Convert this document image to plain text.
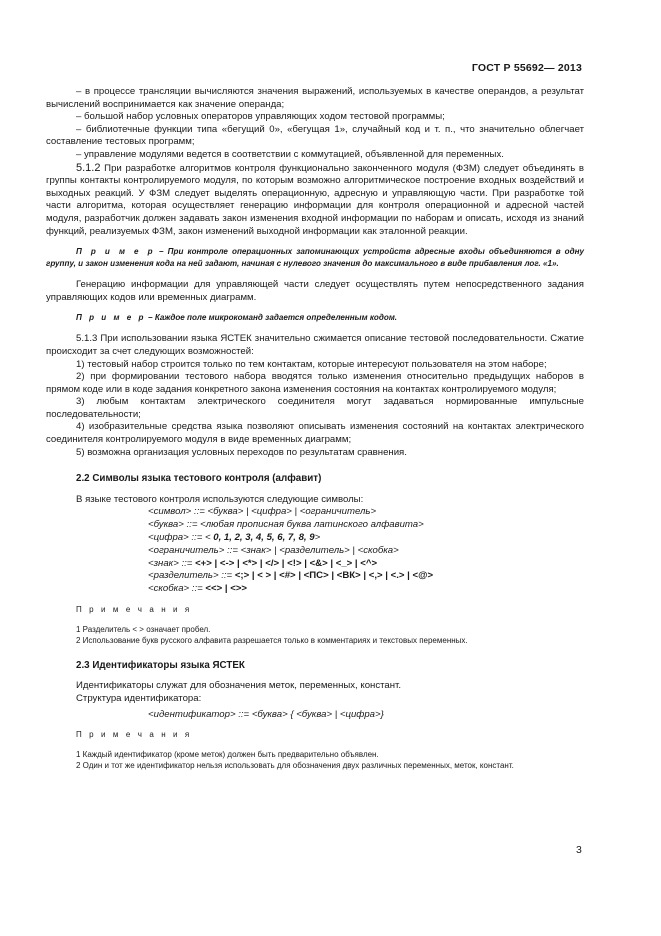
ГОСТ Р 55692— 2013

– в процессе трансляции вычисляются значения выражений, используемых в качестве операндов, а результат вычислений воспринимается как значение операнда;

– большой набор условных операторов управляющих ходом тестовой программы;

– библиотечные функции типа «бегущий 0», «бегущая 1», случайный код и т. п., что значительно облегчает составление тестовых программ;

– управление модулями ведется в соответствии с коммутацией, объявленной для переменных.

5.1.2 При разработке алгоритмов контроля функционально законченного модуля (ФЗМ) следует объединять в группы контакты контролируемого модуля, по которым возможно алгоритмическое построение входных воздействий и выходных реакций. У ФЗМ следует выделять операционную, адресную и управляющую части. При разработке той части алгоритма, которая осуществляет генерацию информации для контроля операционной и адресной частей модуля, разработчик должен задавать закон изменения входной информации по наборам и описать, исходя из знаний функций, реализуемых ФЗМ, закон изменений выходной информации как эталонной реакции.

П р и м е р – При контроле операционных запоминающих устройств адресные входы объединяются в одну группу, и закон изменения кода на ней задают, начиная с нулевого значения до максимального в виде прибавления лог. «1».

Генерацию информации для управляющей части следует осуществлять путем непосредственного задания управляющих кодов или временных диаграмм.

П р и м е р – Каждое поле микрокоманд задается определенным кодом.

5.1.3 При использовании языка ЯСТЕК значительно сжимается описание тестовой последовательности. Сжатие происходит за счет следующих возможностей:

1) тестовый набор строится только по тем контактам, которые интересуют пользователя на этом наборе;

2) при формировании тестового набора вводятся только изменения относительно предыдущих наборов в прямом коде или в коде задания конкретного закона изменения состояния на контактах контролируемого модуля;

3) любым контактам электрического соединителя могут задаваться нормированные импульсные последовательности;

4) изобразительные средства языка позволяют описывать изменения состояний на контактах электрического соединителя контролируемого модуля в виде временных диаграмм;

5) возможна организация условных переходов по результатам сравнения.

2.2 Символы языка тестового контроля (алфавит)

В языке тестового контроля используются следующие символы:

<символ> ::= <буква> | <цифра> | <ограничитель>
<буква> ::= <любая прописная буква латинского алфавита>
<цифра> ::= < 0, 1, 2, 3, 4, 5, 6, 7, 8, 9>
<ограничитель> ::= <знак> | <разделитель> | <скобка>
<знак> ::= <+> | <-> | <*> | </> | <!> | <&> | <_> | <^>
<разделитель> ::= <;> | < > | <#> | <ПС> | <ВК> | <,> | <.> | <@>
<скобка> ::= <<> | <>>

П р и м е ч а н и я

1 Разделитель < > означает пробел.

2 Использование букв русского алфавита разрешается только в комментариях и текстовых переменных.

2.3 Идентификаторы языка ЯСТЕК

Идентификаторы служат для обозначения меток, переменных, констант.

Структура идентификатора:

<идентификатор> ::= <буква> { <буква> | <цифра>}

П р и м е ч а н и я

1 Каждый идентификатор (кроме меток) должен быть предварительно объявлен.

2 Один и тот же идентификатор нельзя использовать для обозначения двух различных переменных, меток, констант.

3
